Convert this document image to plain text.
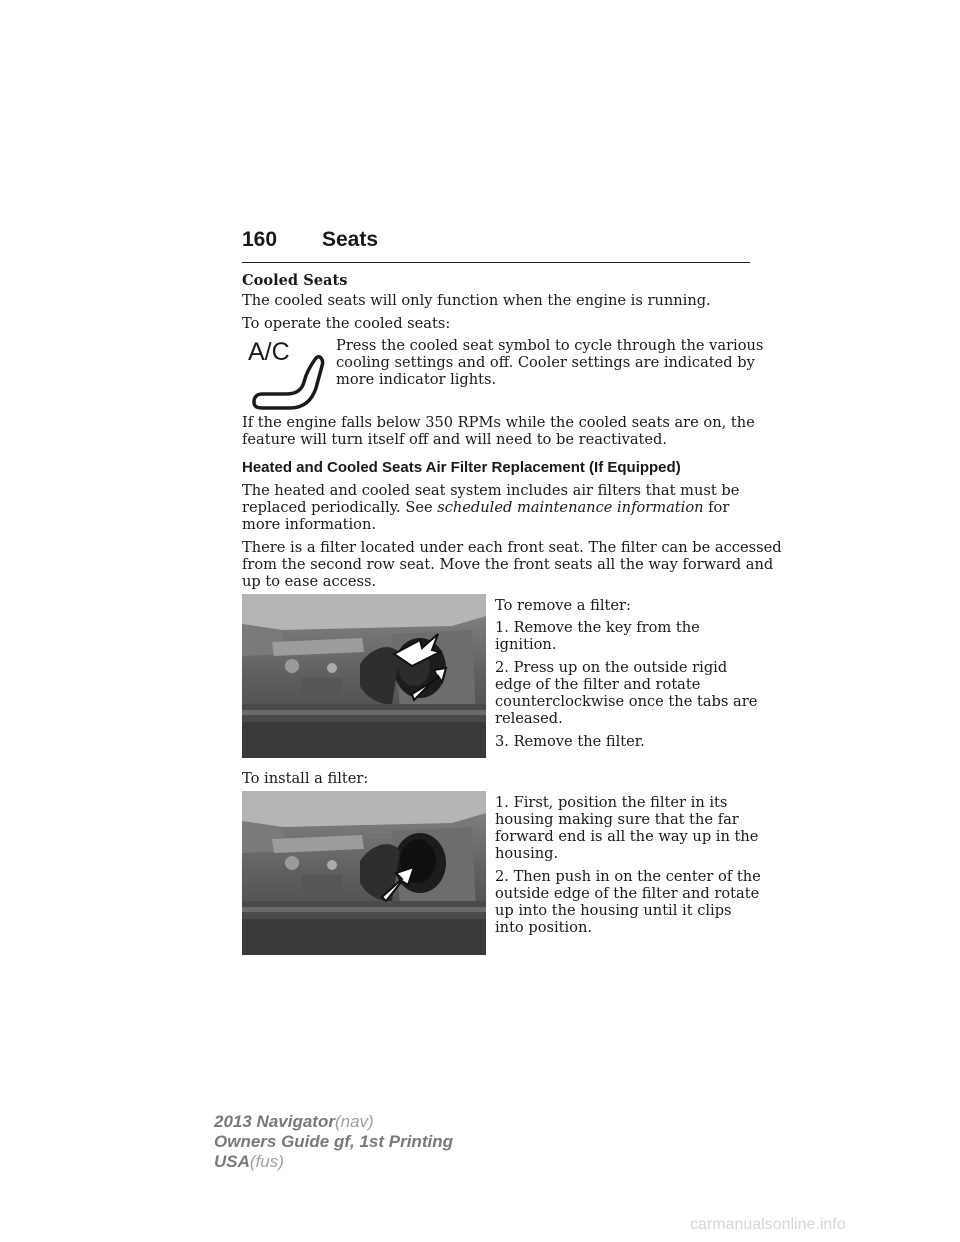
160 Seats

Cooled Seats

The cooled seats will only function when the engine is running.

To operate the cooled seats:

A/C	Press the cooled seat symbol to cycle through the various

cooling settings and off. Cooler settings are indicated by

more indicator lights.

If the engine falls below 350 RPMs while the cooled seats are on, the

feature will turn itself off and will need to be reactivated.

Heated and Cooled Seats Air Filter Replacement (If Equipped)

The heated and cooled seat system includes air filters that must be

replaced periodically. See scheduled maintenance information for

more information.

There is a filter located under each front seat. The filter can be accessed

from the second row seat. Move the front seats all the way forward and

up to ease access.

To remove a filter:

1. Remove the key from the

ignition.

2. Press up on the outside rigid

edge of the filter and rotate

counterclockwise once the tabs are

released.

3. Remove the filter.

To install a filter:

1. First, position the filter in its

housing making sure that the far

forward end is all the way up in the

housing.

2. Then push in on the center of the

outside edge of the filter and rotate

up into the housing until it clips

into position.

2013 Navigator(nav)
Owners Guide gf, 1st Printing
USA(fus)
carmanualsonline.info
